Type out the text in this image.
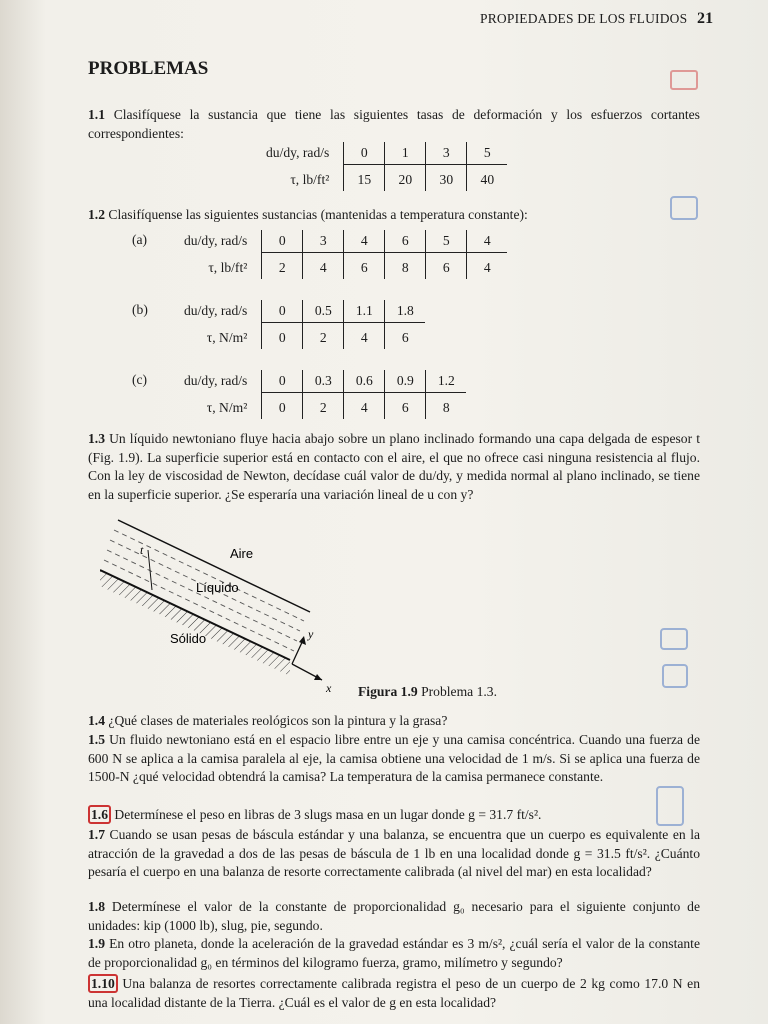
PROPIEDADES DE LOS FLUIDOS 21
PROBLEMAS
1.1 Clasifíquese la sustancia que tiene las siguientes tasas de deformación y los esfuerzos cortantes correspondientes:
du/dy, rad/s	0	1	3	5
τ, lb/ft²	15	20	30	40
1.2 Clasifíquense las siguientes sustancias (mantenidas a temperatura constante):
(a)	du/dy, rad/s	0	3	4	6	5	4
τ, lb/ft²	2	4	6	8	6	4
(b)	du/dy, rad/s	0	0.5	1.1	1.8
τ, N/m²	0	2	4	6
(c)	du/dy, rad/s	0	0.3	0.6	0.9	1.2
τ, N/m²	0	2	4	6	8
1.3 Un líquido newtoniano fluye hacia abajo sobre un plano inclinado formando una capa delgada de espesor t (Fig. 1.9). La superficie superior está en contacto con el aire, el que no ofrece casi ninguna resistencia al flujo. Con la ley de viscosidad de Newton, decídase cuál valor de du/dy, y medida normal al plano inclinado, se tiene en la superficie superior. ¿Se esperaría una variación lineal de u con y?
t	Aire
Líquido
Sólido
x
y
Figura 1.9 Problema 1.3.
1.4 ¿Qué clases de materiales reológicos son la pintura y la grasa?
1.5 Un fluido newtoniano está en el espacio libre entre un eje y una camisa concéntrica. Cuando una fuerza de 600 N se aplica a la camisa paralela al eje, la camisa obtiene una velocidad de 1 m/s. Si se aplica una fuerza de 1500-N ¿qué velocidad obtendrá la camisa? La temperatura de la camisa permanece constante.
1.6 Determínese el peso en libras de 3 slugs masa en un lugar donde g = 31.7 ft/s².
1.7 Cuando se usan pesas de báscula estándar y una balanza, se encuentra que un cuerpo es equivalente en la atracción de la gravedad a dos de las pesas de báscula de 1 lb en una localidad donde g = 31.5 ft/s². ¿Cuánto pesaría el cuerpo en una balanza de resorte correctamente calibrada (al nivel del mar) en esta localidad?
1.8 Determínese el valor de la constante de proporcionalidad g₀ necesario para el siguiente conjunto de unidades: kip (1000 lb), slug, pie, segundo.
1.9 En otro planeta, donde la aceleración de la gravedad estándar es 3 m/s², ¿cuál sería el valor de la constante de proporcionalidad g₀ en términos del kilogramo fuerza, gramo, milímetro y segundo?
1.10 Una balanza de resortes correctamente calibrada registra el peso de un cuerpo de 2 kg como 17.0 N en una localidad distante de la Tierra. ¿Cuál es el valor de g en esta localidad?
